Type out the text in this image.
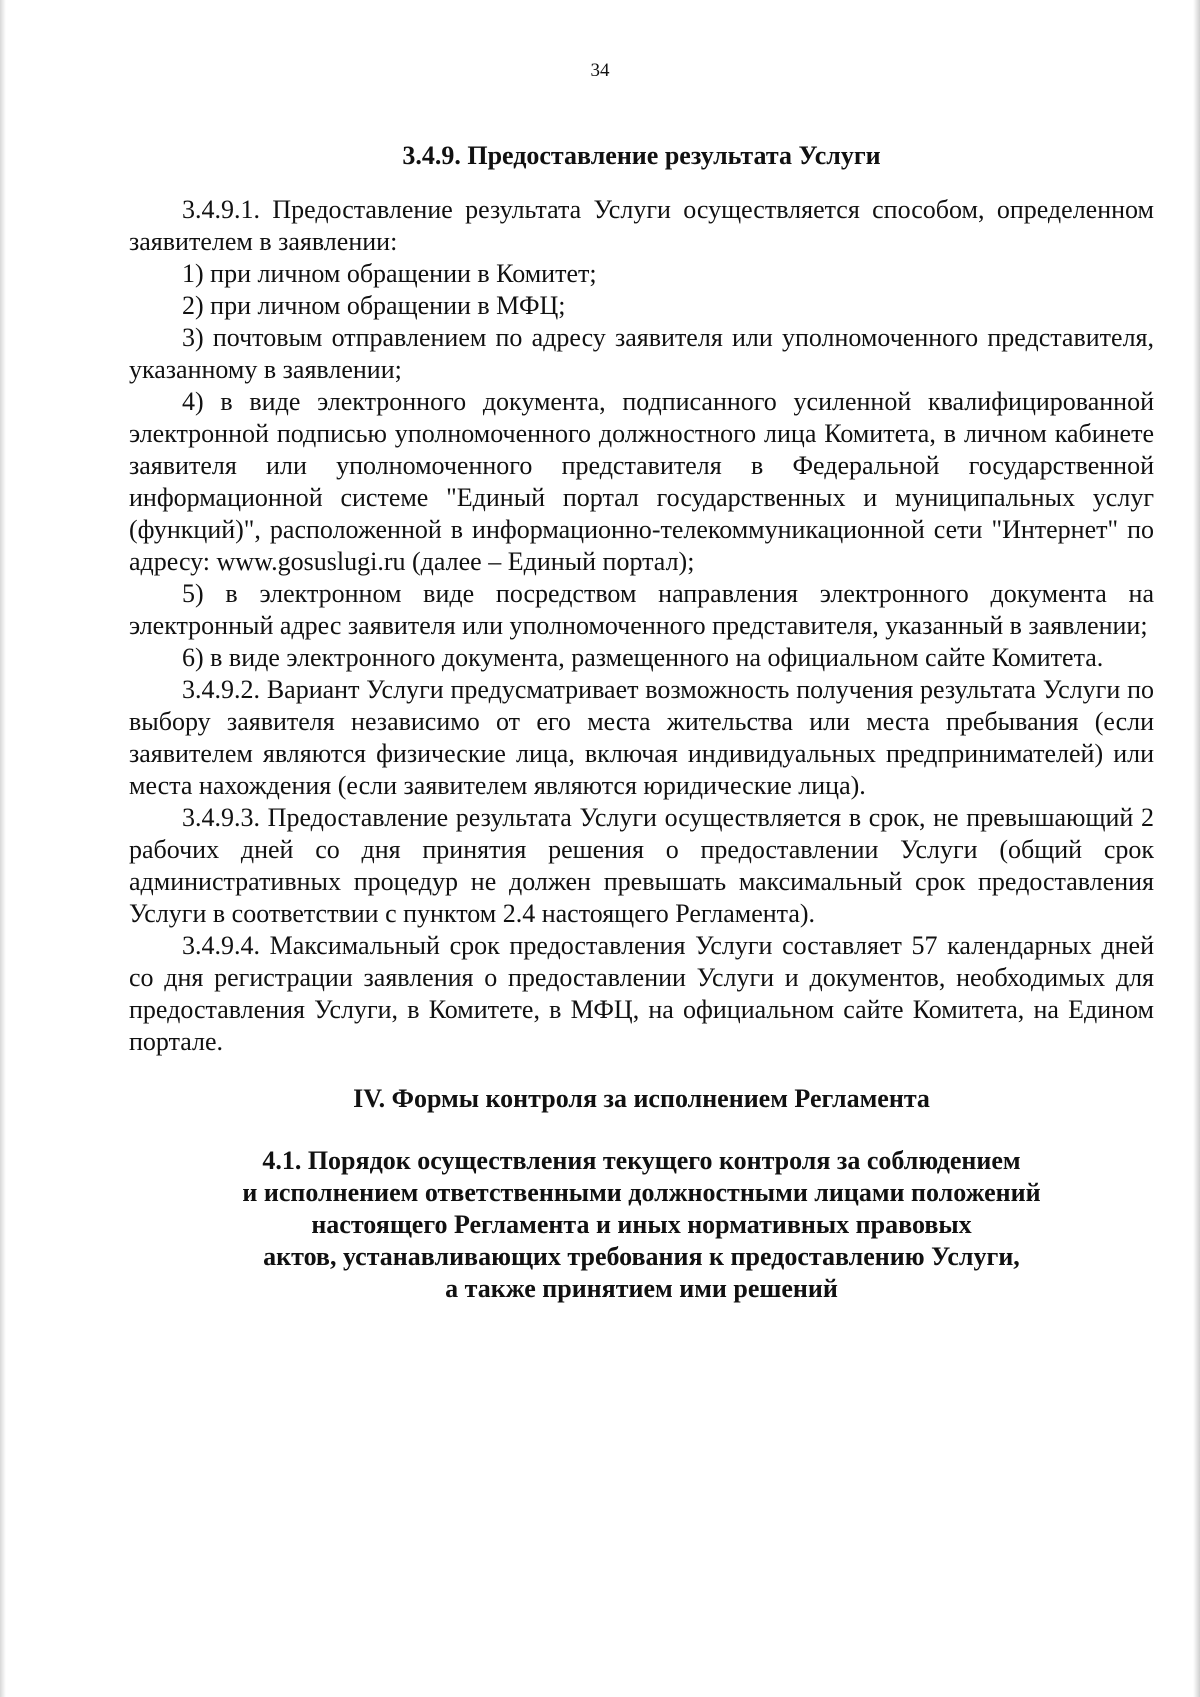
34

3.4.9. Предоставление результата Услуги

3.4.9.1. Предоставление результата Услуги осуществляется способом, определенном заявителем в заявлении:

1) при личном обращении в Комитет;

2) при личном обращении в МФЦ;

3) почтовым отправлением по адресу заявителя или уполномоченного представителя, указанному в заявлении;

4) в виде электронного документа, подписанного усиленной квалифицированной электронной подписью уполномоченного должностного лица Комитета, в личном кабинете заявителя или уполномоченного представителя в Федеральной государственной информационной системе "Единый портал государственных и муниципальных услуг (функций)", расположенной в информационно-телекоммуникационной сети "Интернет" по адресу: www.gosuslugi.ru (далее – Единый портал);

5) в электронном виде посредством направления электронного документа на электронный адрес заявителя или уполномоченного представителя, указанный в заявлении;

6) в виде электронного документа, размещенного на официальном сайте Комитета.

3.4.9.2. Вариант Услуги предусматривает возможность получения результата Услуги по выбору заявителя независимо от его места жительства или места пребывания (если заявителем являются физические лица, включая индивидуальных предпринимателей) или места нахождения (если заявителем являются юридические лица).

3.4.9.3. Предоставление результата Услуги осуществляется в срок, не превышающий 2 рабочих дней со дня принятия решения о предоставлении Услуги (общий срок административных процедур не должен превышать максимальный срок предоставления Услуги в соответствии с пунктом 2.4 настоящего Регламента).

3.4.9.4. Максимальный срок предоставления Услуги составляет 57 календарных дней со дня регистрации заявления о предоставлении Услуги и документов, необходимых для предоставления Услуги, в Комитете, в МФЦ, на официальном сайте Комитета, на Едином портале.

IV. Формы контроля за исполнением Регламента

4.1. Порядок осуществления текущего контроля за соблюдением
и исполнением ответственными должностными лицами положений
настоящего Регламента и иных нормативных правовых
актов, устанавливающих требования к предоставлению Услуги,
а также принятием ими решений
